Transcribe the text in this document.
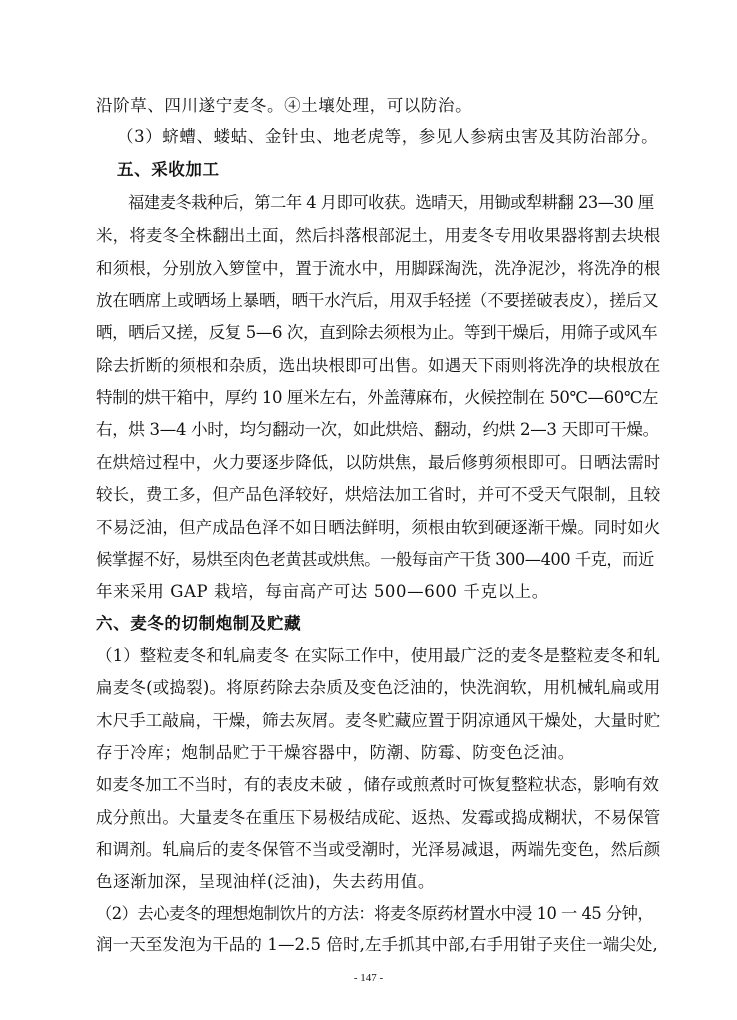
沿阶草、四川遂宁麦冬。④土壤处理，可以防治。
（3）蛴螬、蝼蛄、金针虫、地老虎等，参见人参病虫害及其防治部分。
五、采收加工
福建麦冬栽种后，第二年 4 月即可收获。选晴天，用锄或犁耕翻 23—30 厘
米，将麦冬全株翻出土面，然后抖落根部泥土，用麦冬专用收果器将割去块根
和须根，分别放入箩筐中，置于流水中，用脚踩淘洗，洗净泥沙，将洗净的根
放在晒席上或晒场上暴晒，晒干水汽后，用双手轻搓（不要搓破表皮），搓后又
晒，晒后又搓，反复 5—6 次，直到除去须根为止。等到干燥后，用筛子或风车
除去折断的须根和杂质，选出块根即可出售。如遇天下雨则将洗净的块根放在
特制的烘干箱中，厚约 10 厘米左右，外盖薄麻布，火候控制在 50℃—60℃左
右，烘 3—4 小时，均匀翻动一次，如此烘焙、翻动，约烘 2—3 天即可干燥。
在烘焙过程中，火力要逐步降低，以防烘焦，最后修剪须根即可。日晒法需时
较长，费工多，但产品色泽较好，烘焙法加工省时，并可不受天气限制，且较
不易泛油，但产成品色泽不如日晒法鲜明，须根由软到硬逐渐干燥。同时如火
候掌握不好，易烘至肉色老黄甚或烘焦。一般每亩产干货 300—400 千克，而近
年来采用 GAP 栽培，每亩高产可达 500—600 千克以上。
六、麦冬的切制炮制及贮藏
（1）整粒麦冬和轧扁麦冬 在实际工作中，使用最广泛的麦冬是整粒麦冬和轧
扁麦冬(或捣裂)。将原药除去杂质及变色泛油的，快洗润软，用机械轧扁或用
木尺手工敲扁，干燥，筛去灰屑。麦冬贮藏应置于阴凉通风干燥处，大量时贮
存于冷库；炮制品贮于干燥容器中，防潮、防霉、防变色泛油。
如麦冬加工不当时，有的表皮未破 ，储存或煎煮时可恢复整粒状态，影响有效
成分煎出。大量麦冬在重压下易极结成砣、返热、发霉或捣成糊状，不易保管
和调剂。轧扁后的麦冬保管不当或受潮时，光泽易减退，两端先变色，然后颜
色逐渐加深，呈现油样(泛油)，失去药用值。
（2）去心麦冬的理想炮制饮片的方法：将麦冬原药材置水中浸 10 一 45 分钟，
润一天至发泡为干品的 1—2.5 倍时,左手抓其中部,右手用钳子夹住一端尖处,
- 147 -
